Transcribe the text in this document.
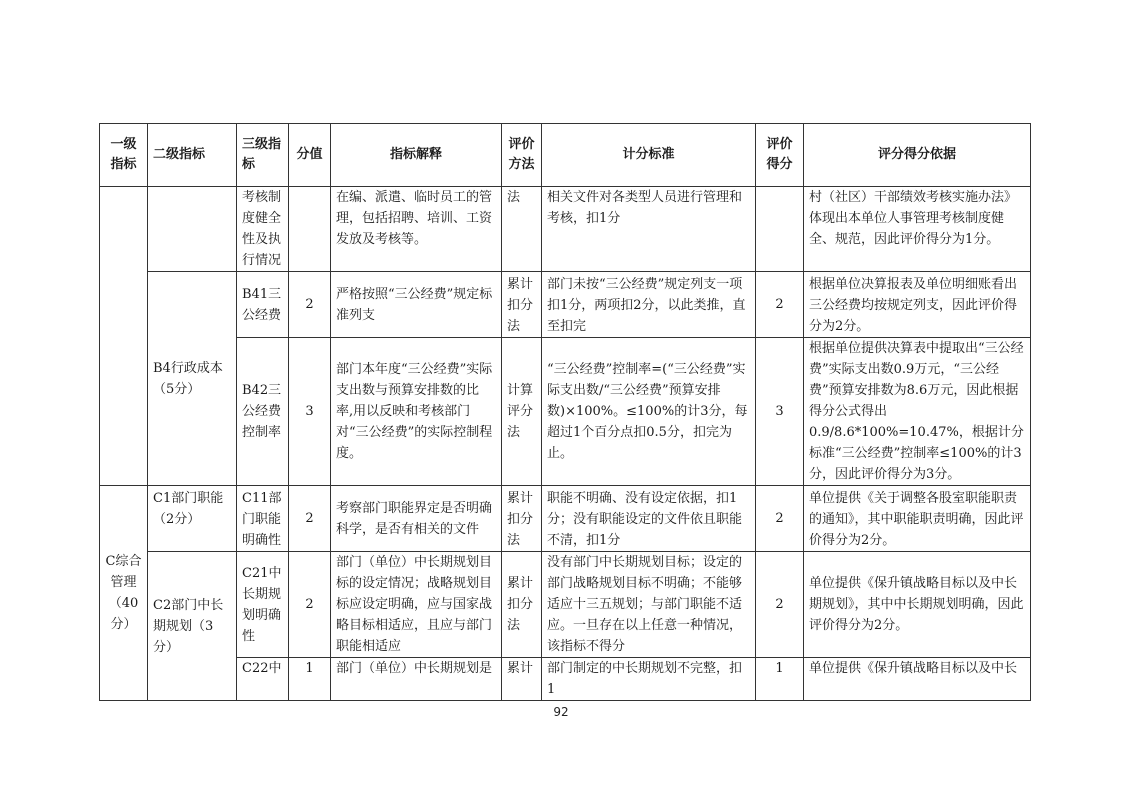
一级指标	二级指标	三级指标	分值	指标解释	评价方法	计分标准	评价得分	评分得分依据
		考核制度健全性及执行情况		在编、派遣、临时员工的管理，包括招聘、培训、工资发放及考核等。	法	相关文件对各类型人员进行管理和考核，扣1分		村（社区）干部绩效考核实施办法》体现出本单位人事管理考核制度健全、规范，因此评价得分为1分。
	B4行政成本（5分）	B41三公经费	2	严格按照“三公经费”规定标准列支	累计扣分法	部门未按“三公经费”规定列支一项扣1分，两项扣2分，以此类推，直至扣完	2	根据单位决算报表及单位明细账看出三公经费均按规定列支，因此评价得分为2分。
		B42三公经费控制率	3	部门本年度“三公经费”实际支出数与预算安排数的比率,用以反映和考核部门对“三公经费”的实际控制程度。	计算评分法	“三公经费”控制率=(“三公经费”实际支出数/“三公经费”预算安排数)×100%。≤100%的计3分，每超过1个百分点扣0.5分，扣完为止。	3	根据单位提供决算表中提取出“三公经费”实际支出数0.9万元，“三公经费”预算安排数为8.6万元，因此根据得分公式得出0.9/8.6*100%=10.47%，根据计分标准“三公经费”控制率≤100%的计3分，因此评价得分为3分。
C综合管理（40分）	C1部门职能（2分）	C11部门职能明确性	2	考察部门职能界定是否明确科学，是否有相关的文件	累计扣分法	职能不明确、没有设定依据，扣1分；没有职能设定的文件依且职能不清，扣1分	2	单位提供《关于调整各股室职能职责的通知》，其中职能职责明确，因此评价得分为2分。
	C2部门中长期规划（3分）	C21中长期规划明确性	2	部门（单位）中长期规划目标的设定情况；战略规划目标应设定明确，应与国家战略目标相适应，且应与部门职能相适应	累计扣分法	没有部门中长期规划目标；设定的部门战略规划目标不明确；不能够适应十三五规划；与部门职能不适应。一旦存在以上任意一种情况，该指标不得分	2	单位提供《保升镇战略目标以及中长期规划》，其中中长期规划明确，因此评价得分为2分。
		C22中	1	部门（单位）中长期规划是	累计	部门制定的中长期规划不完整，扣1	1	单位提供《保升镇战略目标以及中长
92
